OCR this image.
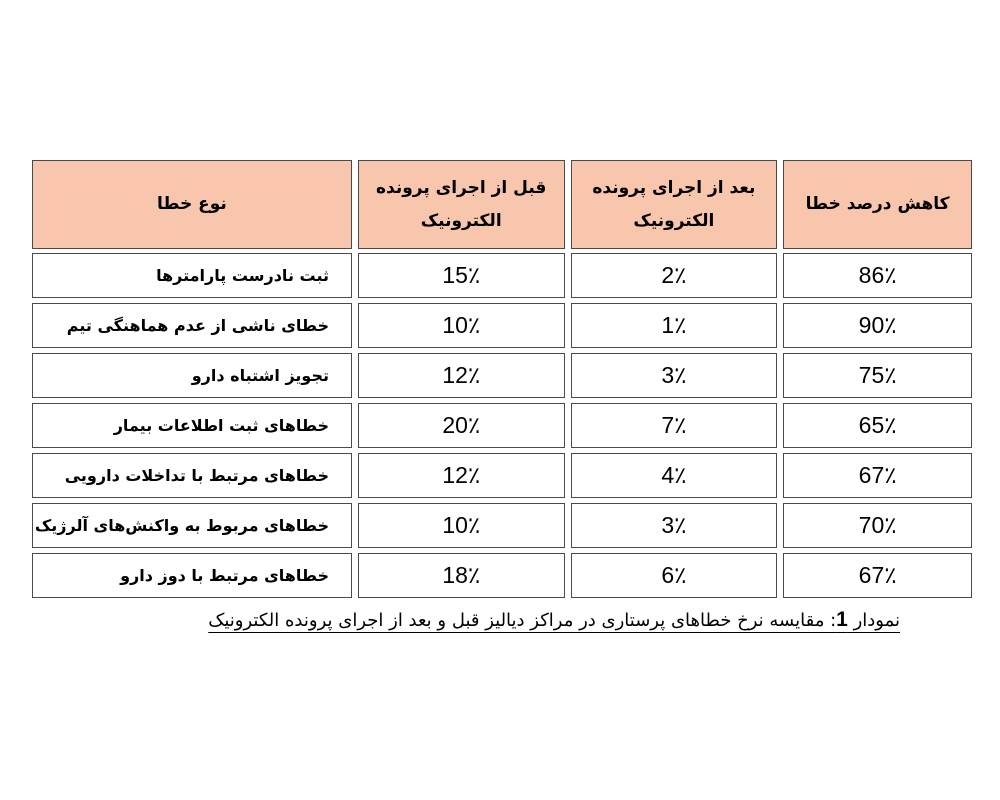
کاهش درصد خطا
بعد از اجرای پرونده الکترونیک
قبل از اجرای پرونده الکترونیک
نوع خطا
86٪
2٪
15٪
ثبت نادرست پارامترها
90٪
1٪
10٪
خطای ناشی از عدم هماهنگی تیم
75٪
3٪
12٪
تجویز اشتباه دارو
65٪
7٪
20٪
خطاهای ثبت اطلاعات بیمار
67٪
4٪
12٪
خطاهای مرتبط با تداخلات دارویی
70٪
3٪
10٪
خطاهای مربوط به واکنش‌های آلرژیک
67٪
6٪
18٪
خطاهای مرتبط با دوز دارو
نمودار 1: مقایسه نرخ خطاهای پرستاری در مراکز دیالیز قبل و بعد از اجرای پرونده الکترونیک
